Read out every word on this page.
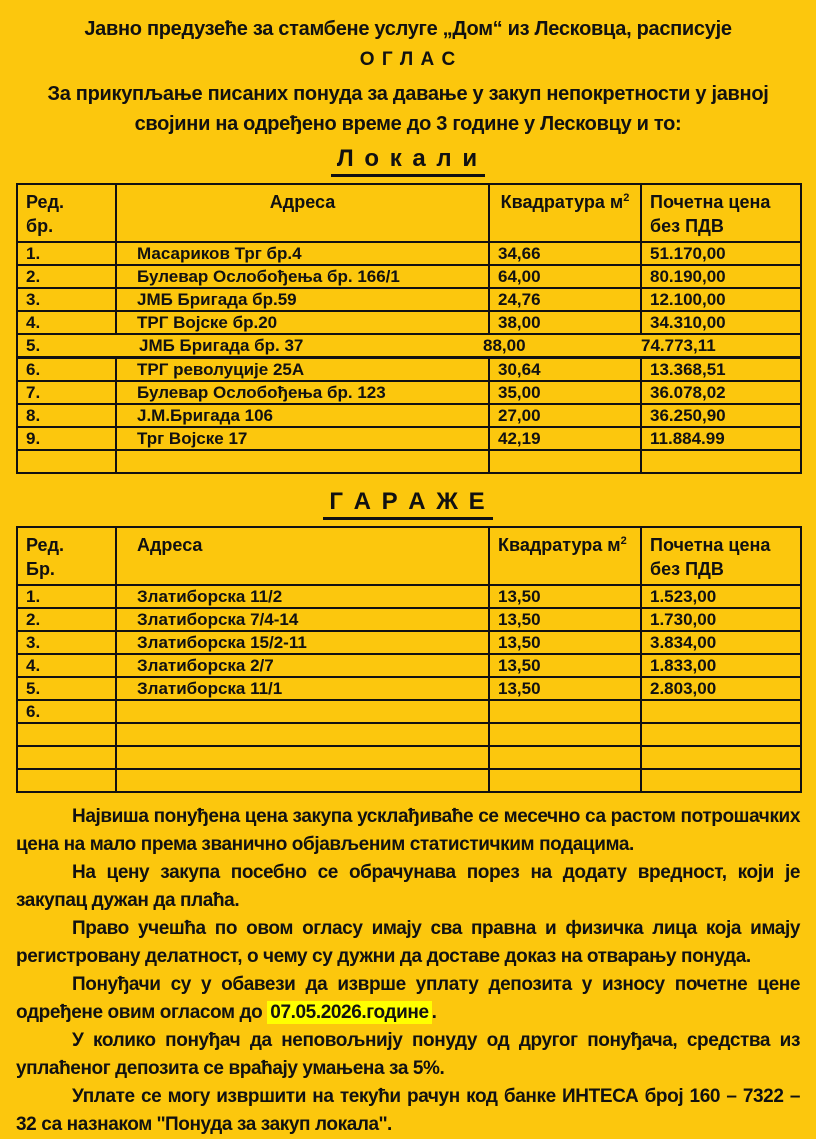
Јавно предузеће за стамбене услуге „Дом“ из Лесковца, расписује
О Г Л А С
За прикупљање писаних понуда за давање у закуп непокретности у јавној
својини на одређено време до 3 године у Лесковцу и то:
Л о к а л и
Ред.
бр.
	Адреса	Квадратура $м^2$	Почетна цена
без ПДВ

1.	Масариков Трг бр.4	34,66	51.170,00
2.	Булевар Ослобођења бр. 166/1	64,00	80.190,00
3.	ЈМБ Бригада бр.59	24,76	12.100,00
4.	ТРГ Војске бр.20	38,00	34.310,00

5. ЈМБ Бригада бр. 37 88,00 74.773,11			

6.	ТРГ револуције 25А	30,64	13.368,51
7.	Булевар Ослобођења бр. 123	35,00	36.078,02
8.	Ј.М.Бригада 106	27,00	36.250,90
9.	Трг Војске 17	42,19	11.884.99

Г А Р А Ж Е
Ред.
Бр.
	Адреса	Квадратура $м^2$	Почетна цена
без ПДВ

1.	Златиборска 11/2	13,50	1.523,00
2.	Златиборска 7/4-14	13,50	1.730,00
3.	Златиборска 15/2-11	13,50	3.834,00
4.	Златиборска 2/7	13,50	1.833,00
5.	Златиборска 11/1	13,50	2.803,00
6.			

Највиша понуђена цена закупа усклађиваће се месечно са растом потрошачких цена на мало према званично објављеним статистичким подацима.

На цену закупа посебно се обрачунава порез на додату вредност, који је закупац дужан да плаћа.

Право учешћа по овом огласу имају сва правна и физичка лица која имају регистровану делатност, о чему су дужни да доставе доказ на отварању понуда.

Понуђачи су у обавези да изврше уплату депозита у износу почетне цене одређене овим огласом до 07.05.2026.године .

У колико понуђач да неповољнију понуду од другог понуђача, средства из уплаћеног депозита се враћају умањена за 5%.

Уплате се могу извршити на текући рачун код банке ИНТЕСА број 160 – 7322 – 32 са назнаком ''Понуда за закуп локала''.
